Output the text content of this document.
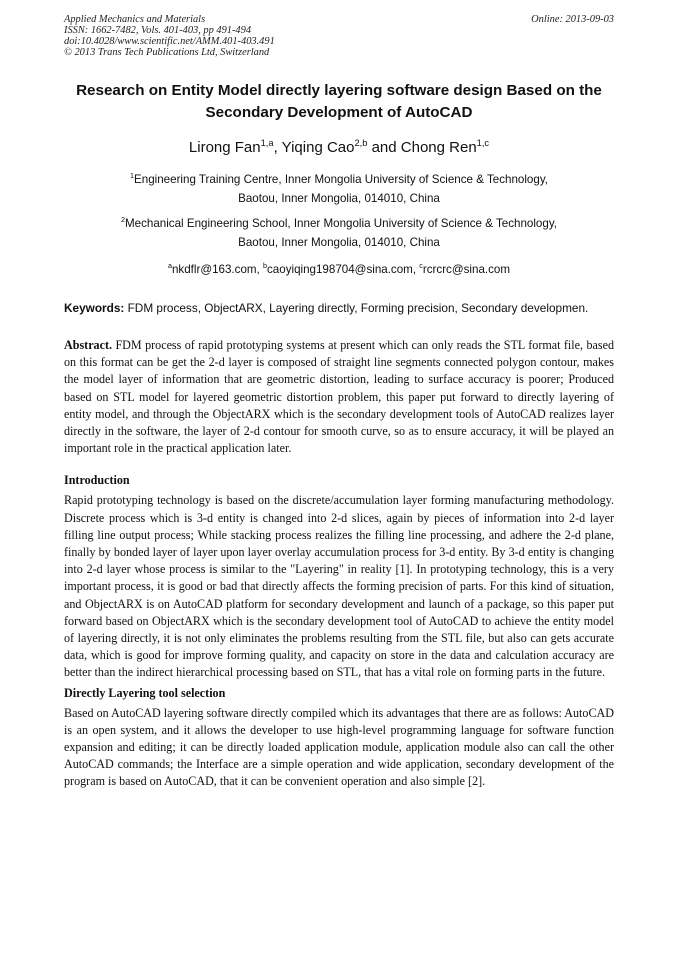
Applied Mechanics and Materials
ISSN: 1662-7482, Vols. 401-403, pp 491-494
doi:10.4028/www.scientific.net/AMM.401-403.491
© 2013 Trans Tech Publications Ltd, Switzerland
Online: 2013-09-03
Research on Entity Model directly layering software design Based on the Secondary Development of AutoCAD
Lirong Fan$^{1,a}$, Yiqing Cao$^{2,b}$ and Chong Ren$^{1,c}$
$^1$Engineering Training Centre, Inner Mongolia University of Science & Technology,
Baotou, Inner Mongolia, 014010, China
$^2$Mechanical Engineering School, Inner Mongolia University of Science & Technology,
Baotou, Inner Mongolia, 014010, China
$^a$nkdflr@163.com, $^b$caoyiqing198704@sina.com, $^c$rcrcrc@sina.com
Keywords: FDM process, ObjectARX, Layering directly, Forming precision, Secondary developmen.
Abstract. FDM process of rapid prototyping systems at present which can only reads the STL format file, based on this format can be get the 2-d layer is composed of straight line segments connected polygon contour, makes the model layer of information that are geometric distortion, leading to surface accuracy is poorer; Produced based on STL model for layered geometric distortion problem, this paper put forward to directly layering of entity model, and through the ObjectARX which is the secondary development tools of AutoCAD realizes layer directly in the software, the layer of 2-d contour for smooth curve, so as to ensure accuracy, it will be played an important role in the practical application later.
Introduction
Rapid prototyping technology is based on the discrete/accumulation layer forming manufacturing methodology. Discrete process which is 3-d entity is changed into 2-d slices, again by pieces of information into 2-d layer filling line output process; While stacking process realizes the filling line processing, and adhere the 2-d plane, finally by bonded layer of layer upon layer overlay accumulation process for 3-d entity. By 3-d entity is changing into 2-d layer whose process is similar to the "Layering" in reality [1]. In prototyping technology, this is a very important process, it is good or bad that directly affects the forming precision of parts. For this kind of situation, and ObjectARX is on AutoCAD platform for secondary development and launch of a package, so this paper put forward based on ObjectARX which is the secondary development tool of AutoCAD to achieve the entity model of layering directly, it is not only eliminates the problems resulting from the STL file, but also can gets accurate data, which is good for improve forming quality, and capacity on store in the data and calculation accuracy are better than the indirect hierarchical processing based on STL, that has a vital role on forming parts in the future.
Directly Layering tool selection
Based on AutoCAD layering software directly compiled which its advantages that there are as follows: AutoCAD is an open system, and it allows the developer to use high-level programming language for software function expansion and editing; it can be directly loaded application module, application module also can call the other AutoCAD commands; the Interface are a simple operation and wide application, secondary development of the program is based on AutoCAD, that it can be convenient operation and also simple [2].
